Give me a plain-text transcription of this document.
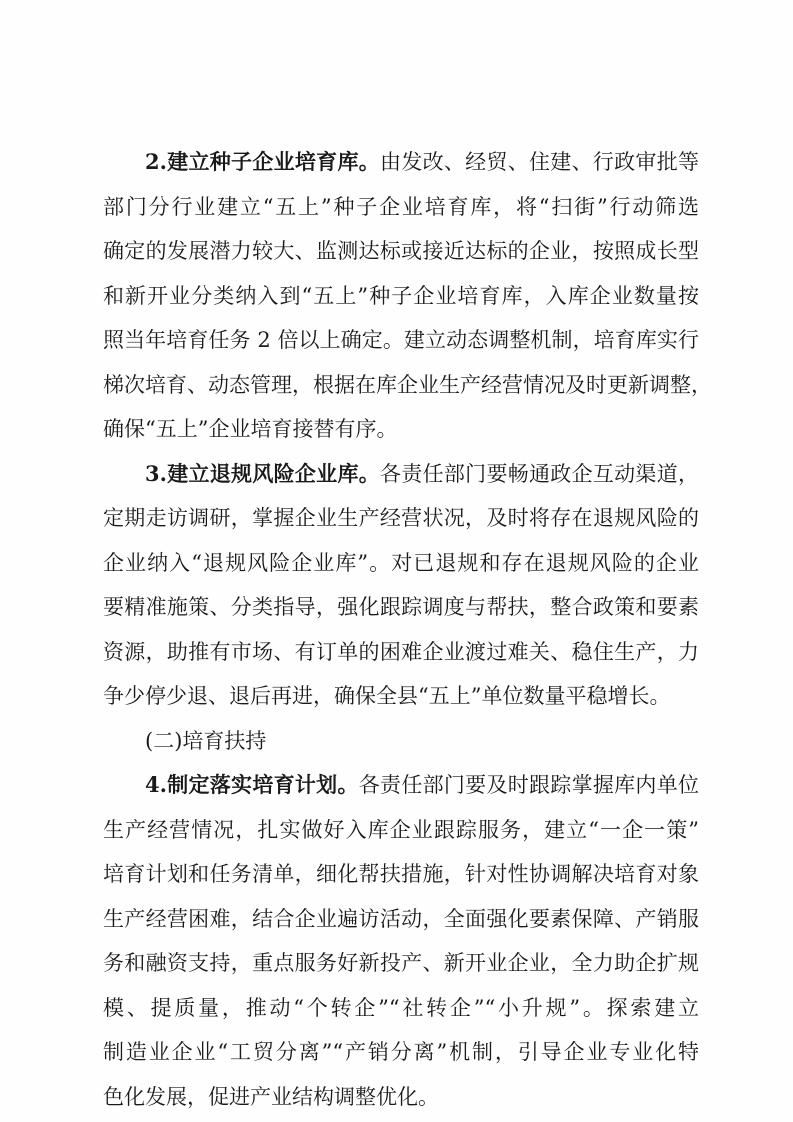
2.建立种子企业培育库。由发改、经贸、住建、行政审批等
部门分行业建立“五上”种子企业培育库，将“扫街”行动筛选
确定的发展潜力较大、监测达标或接近达标的企业，按照成长型
和新开业分类纳入到“五上”种子企业培育库，入库企业数量按
照当年培育任务 2 倍以上确定。建立动态调整机制，培育库实行
梯次培育、动态管理，根据在库企业生产经营情况及时更新调整，
确保“五上”企业培育接替有序。
3.建立退规风险企业库。各责任部门要畅通政企互动渠道，
定期走访调研，掌握企业生产经营状况，及时将存在退规风险的
企业纳入“退规风险企业库”。对已退规和存在退规风险的企业
要精准施策、分类指导，强化跟踪调度与帮扶，整合政策和要素
资源，助推有市场、有订单的困难企业渡过难关、稳住生产，力
争少停少退、退后再进，确保全县“五上”单位数量平稳增长。
(二)培育扶持
4.制定落实培育计划。各责任部门要及时跟踪掌握库内单位
生产经营情况，扎实做好入库企业跟踪服务，建立“一企一策”
培育计划和任务清单，细化帮扶措施，针对性协调解决培育对象
生产经营困难，结合企业遍访活动，全面强化要素保障、产销服
务和融资支持，重点服务好新投产、新开业企业，全力助企扩规
模、提质量，推动“个转企”“社转企”“小升规”。探索建立
制造业企业“工贸分离”“产销分离”机制，引导企业专业化特
色化发展，促进产业结构调整优化。
